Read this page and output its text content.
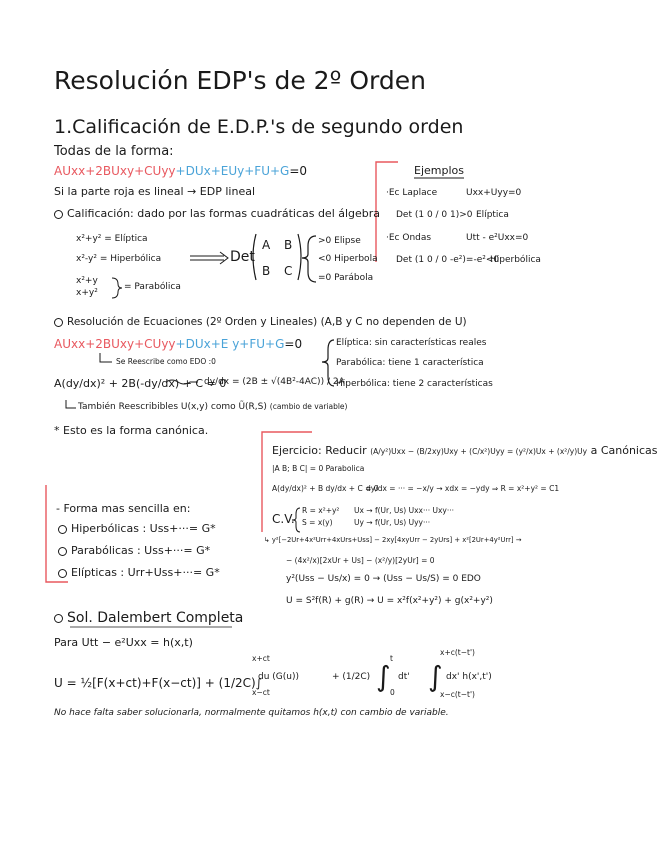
Resolución EDP's de 2º Orden
1.Calificación de E.D.P.'s de segundo orden
Todas de la forma:
AUxx+2BUxy+CUyy+DUx+EUy+FU+G=0
Si la parte roja es lineal → EDP lineal
Calificación: dado por las formas cuadráticas del álgebra
x²+y² = Elíptica
x²-y² = Hiperbólica
x²+y
x+y²
= Parabólica
Det
A B
B C
>0 Elipse
<0 Hiperbola
=0 Parábola
Ejemplos
·Ec Laplace	Uxx+Uyy=0
Det (1 0 / 0 1)>0 Elíptica
·Ec Ondas	Utt - e²Uxx=0
Det (1 0 / 0 -e²)=-e²<0
Hiperbólica
Resolución de Ecuaciones (2º Orden y Lineales) (A,B y C no dependen de U)
AUxx+2BUxy+CUyy+DUx+E y+FU+G=0
Se Reescribe como EDO :0
A(dy/dx)² + 2B(-dy/dx) + C = 0
dy/dx = (2B ± √(4B²-4AC)) / 2A
Elíptica: sin características reales
Parabólica: tiene 1 característica
Hiperbólica: tiene 2 características
También Reescribibles U(x,y) como Ũ(R,S) (cambio de variable)
* Esto es la forma canónica.
- Forma mas sencilla en:
Hiperbólicas : Uss+···= G*
Parabólicas : Uss+···= G*
Elípticas : Urr+Uss+···= G*
Ejercicio: Reducir (A/y²)Uxx − (B/2xy)Uxy + (C/x²)Uyy = (y²/x)Ux + (x²/y)Uy a Canónicas
|A B; B C| = 0 Parabolica
A(dy/dx)² + B dy/dx + C = 0
dy/dx = ··· = −x/y → xdx = −ydy ⇒ R = x²+y² = C1
C.V.
R = x²+y²
S = x(y)
Ux → f(Ur, Us) Uxx··· Uxy···
Uy → f(Ur, Us) Uyy···
↳ y²[−2Ur+4x²Urr+4xUrs+Uss] − 2xy[4xyUrr − 2yUrs] + x²[2Ur+4y²Urr] →
− (4x²/x)[2xUr + Us] − (x²/y)[2yUr] = 0
y²(Uss − Us/x) = 0 → (Uss − Us/S) = 0 EDO
U = S²f(R) + g(R) → U = x²f(x²+y²) + g(x²+y²)
Sol. Dalembert Completa
Para Utt − e²Uxx = h(x,t)
U = ½[F(x+ct)+F(x−ct)] + (1/2C)∫
x+ct
x−ct
du (G(u))	+ (1/2C) ∫
t
0
dt' ∫
x+c(t−t')
x−c(t−t')
dx' h(x',t')
No hace falta saber solucionarla, normalmente quitamos h(x,t) con cambio de variable.
